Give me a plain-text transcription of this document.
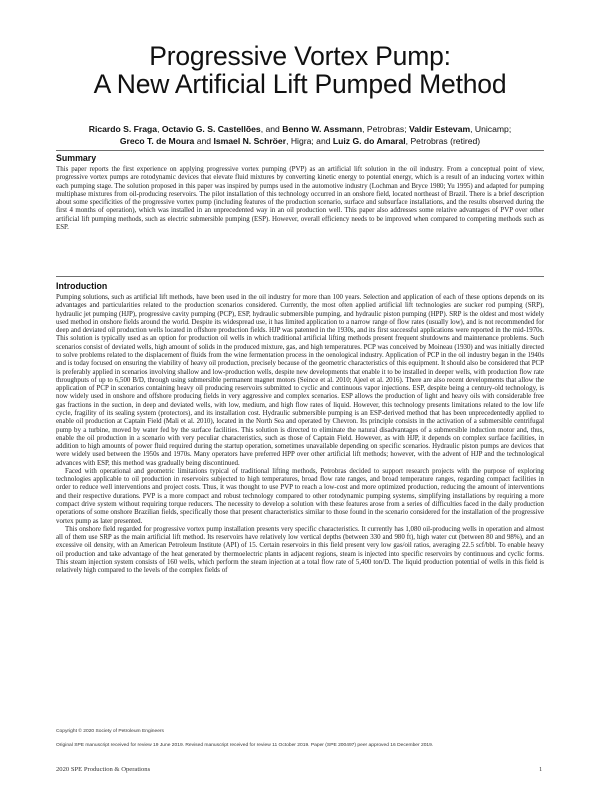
Progressive Vortex Pump:
A New Artificial Lift Pumped Method
Ricardo S. Fraga, Octavio G. S. Castellões, and Benno W. Assmann, Petrobras; Valdir Estevam, Unicamp;
Greco T. de Moura and Ismael N. Schröer, Higra; and Luiz G. do Amaral, Petrobras (retired)
Summary

This paper reports the first experience on applying progressive vortex pumping (PVP) as an artificial lift solution in the oil industry. From a conceptual point of view, progressive vortex pumps are rotodynamic devices that elevate fluid mixtures by converting kinetic energy to potential energy, which is a result of an inducing vortex within each pumping stage. The solution proposed in this paper was inspired by pumps used in the automotive industry (Lochman and Bryce 1980; Yu 1995) and adapted for pumping multiphase mixtures from oil-producing reservoirs. The pilot installation of this technology occurred in an onshore field, located northeast of Brazil. There is a brief description about some specificities of the progressive vortex pump (including features of the production scenario, surface and subsurface installations, and the results observed during the first 4 months of operation), which was installed in an unprecedented way in an oil production well. This paper also addresses some relative advantages of PVP over other artificial lift pumping methods, such as electric submersible pumping (ESP). However, overall efficiency needs to be improved when compared to competing methods such as ESP.

Introduction

Pumping solutions, such as artificial lift methods, have been used in the oil industry for more than 100 years. Selection and application of each of these options depends on its advantages and particularities related to the production scenarios considered. Currently, the most often applied artificial lift technologies are sucker rod pumping (SRP), hydraulic jet pumping (HJP), progressive cavity pumping (PCP), ESP, hydraulic submersible pumping, and hydraulic piston pumping (HPP). SRP is the oldest and most widely used method in onshore fields around the world. Despite its widespread use, it has limited application to a narrow range of flow rates (usually low), and is not recommended for deep and deviated oil production wells located in offshore production fields. HJP was patented in the 1930s, and its first successful applications were reported in the mid-1970s. This solution is typically used as an option for production oil wells in which traditional artificial lifting methods present frequent shutdowns and maintenance problems. Such scenarios consist of deviated wells, high amount of solids in the produced mixture, gas, and high temperatures. PCP was conceived by Moineau (1930) and was initially directed to solve problems related to the displacement of fluids from the wine fermentation process in the oenological industry. Application of PCP in the oil industry began in the 1940s and is today focused on ensuring the viability of heavy oil production, precisely because of the geometric characteristics of this equipment. It should also be considered that PCP is preferably applied in scenarios involving shallow and low-production wells, despite new developments that enable it to be installed in deeper wells, with production flow rate throughputs of up to 6,500 B/D, through using submersible permanent magnet motors (Seince et al. 2010; Ajeel et al. 2016). There are also recent developments that allow the application of PCP in scenarios containing heavy oil producing reservoirs submitted to cyclic and continuous vapor injections. ESP, despite being a century-old technology, is now widely used in onshore and offshore producing fields in very aggressive and complex scenarios. ESP allows the production of light and heavy oils with considerable free gas fractions in the suction, in deep and deviated wells, with low, medium, and high flow rates of liquid. However, this technology presents limitations related to the low life cycle, fragility of its sealing system (protectors), and its installation cost. Hydraulic submersible pumping is an ESP-derived method that has been unprecedentedly applied to enable oil production at Captain Field (Mali et al. 2010), located in the North Sea and operated by Chevron. Its principle consists in the activation of a submersible centrifugal pump by a turbine, moved by water fed by the surface facilities. This solution is directed to eliminate the natural disadvantages of a submersible induction motor and, thus, enable the oil production in a scenario with very peculiar characteristics, such as those of Captain Field. However, as with HJP, it depends on complex surface facilities, in addition to high amounts of power fluid required during the startup operation, sometimes unavailable depending on specific scenarios. Hydraulic piston pumps are devices that were widely used between the 1950s and 1970s. Many operators have preferred HPP over other artificial lift methods; however, with the advent of HJP and the technological advances with ESP, this method was gradually being discontinued.

Faced with operational and geometric limitations typical of traditional lifting methods, Petrobras decided to support research projects with the purpose of exploring technologies applicable to oil production in reservoirs subjected to high temperatures, broad flow rate ranges, and broad temperature ranges, regarding compact facilities in order to reduce well interventions and project costs. Thus, it was thought to use PVP to reach a low-cost and more optimized production, reducing the amount of interventions and their respective durations. PVP is a more compact and robust technology compared to other rotodynamic pumping systems, simplifying installations by requiring a more compact drive system without requiring torque reducers. The necessity to develop a solution with these features arose from a series of difficulties faced in the daily production operations of some onshore Brazilian fields, specifically those that present characteristics similar to those found in the scenario considered for the installation of the progressive vortex pump as later presented.

This onshore field regarded for progressive vortex pump installation presents very specific characteristics. It currently has 1,080 oil-producing wells in operation and almost all of them use SRP as the main artificial lift method. Its reservoirs have relatively low vertical depths (between 330 and 980 ft), high water cut (between 80 and 98%), and an excessive oil density, with an American Petroleum Institute (API) of 15. Certain reservoirs in this field present very low gas/oil ratios, averaging 22.5 scf/bbl. To enable heavy oil production and take advantage of the heat generated by thermoelectric plants in adjacent regions, steam is injected into specific reservoirs by continuous and cyclic forms. This steam injection system consists of 160 wells, which perform the steam injection at a total flow rate of 5,400 ton/D. The liquid production potential of wells in this field is relatively high compared to the levels of the complex fields of

Copyright © 2020 Society of Petroleum Engineers
Original SPE manuscript received for review 19 June 2019. Revised manuscript received for review 11 October 2019. Paper (SPE 200497) peer approved 16 December 2019.
2020 SPE Production & Operations	1
